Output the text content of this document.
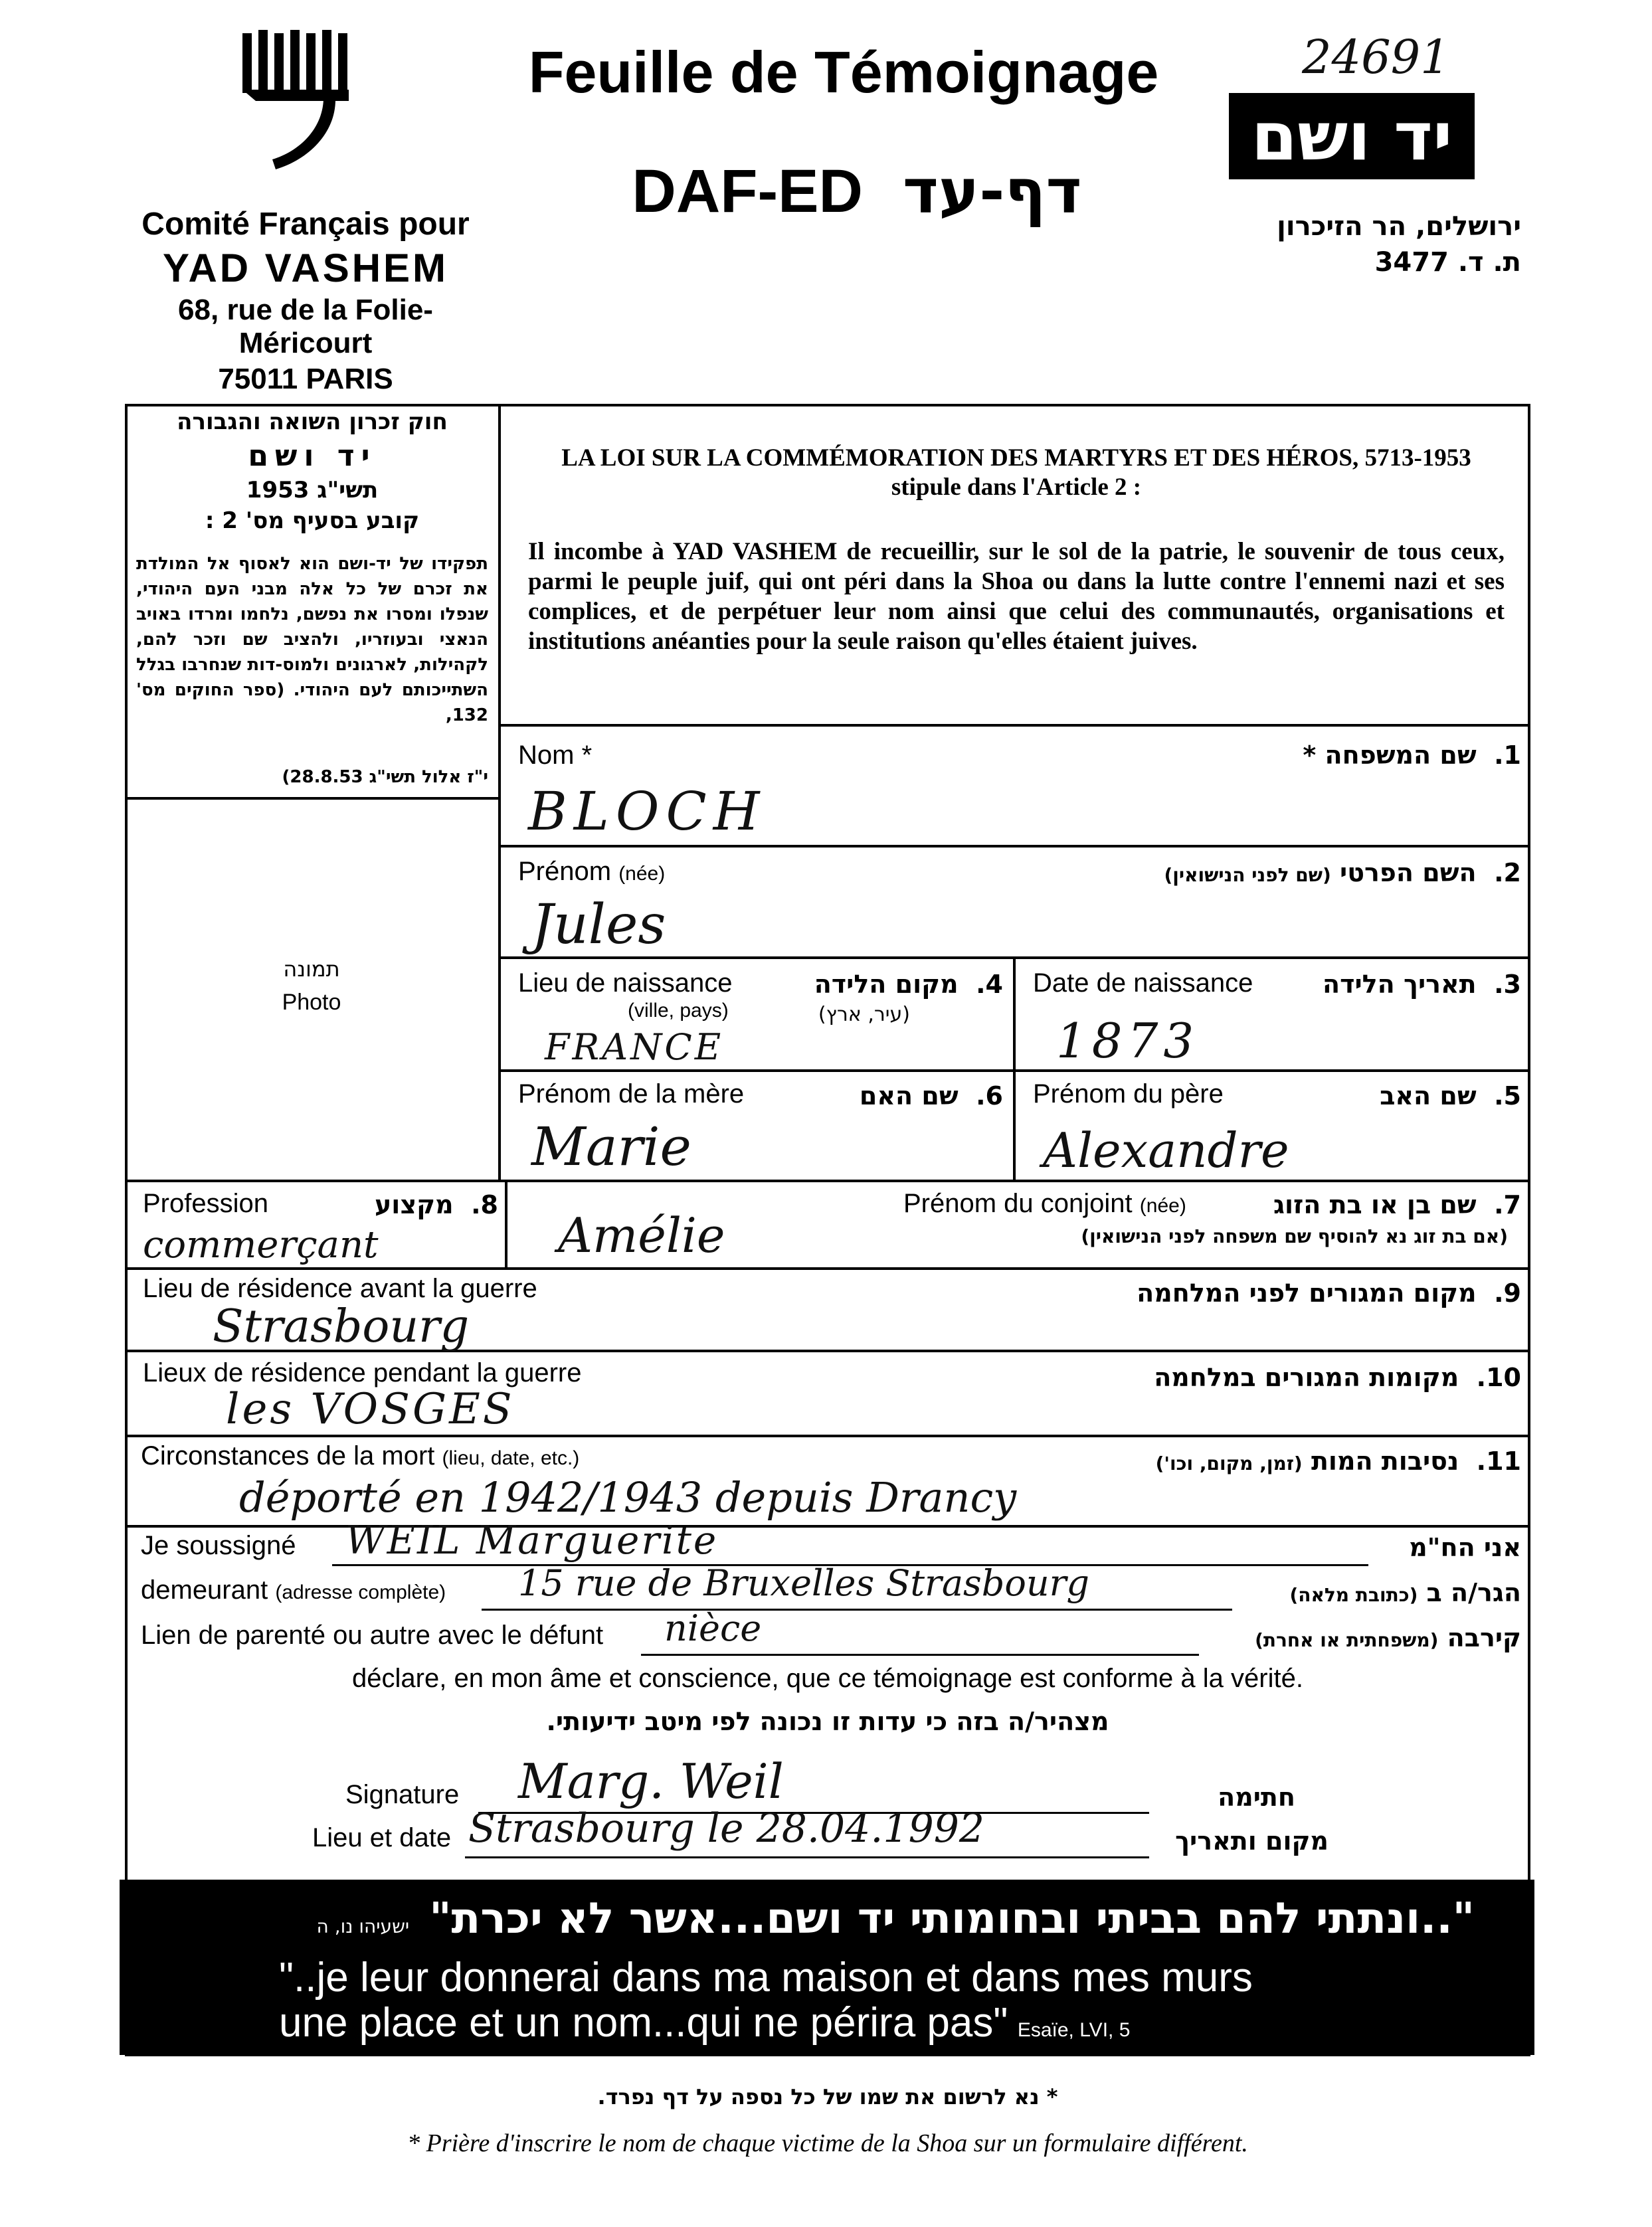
Comité Français pour
YAD VASHEM
68, rue de la Folie-Méricourt
75011 PARIS
Feuille de Témoignage
DAF-ED דף-עד
24691
יד ושם
ירושלים, הר הזיכרון
ת. ד. 3477
חוק זכרון השואה והגבורה
יד ושם
תשי"ג 1953
קובע בסעיף מס' 2 :
תפקידו של יד-ושם הוא לאסוף אל המולדת את זכרם של כל אלה מבני העם היהודי, שנפלו ומסרו את נפשם, נלחמו ומרדו באויב הנאצי ובעוזריו, ולהציב שם וזכר להם, לקהילות, לארגונים ולמוס-דות שנחרבו בגלל השתייכותם לעם היהודי. (ספר החוקים מס' 132,
י"ז אלול תשי"ג 28.8.53)
LA LOI SUR LA COMMÉMORATION DES MARTYRS ET DES HÉROS, 5713-1953
stipule dans l'Article 2 :
Il incombe à YAD VASHEM de recueillir, sur le sol de la patrie, le souvenir de tous ceux, parmi le peuple juif, qui ont péri dans la Shoa ou dans la lutte contre l'ennemi nazi et ses complices, et de perpétuer leur nom ainsi que celui des communautés, organisations et institutions anéanties pour la seule raison qu'elles étaient juives.
תמונה
Photo
Nom *	1.  שם המשפחה *
BLOCH
Prénom (née)	2.  השם הפרטי (שם לפני הנישואין)
Jules
Lieu de naissance
(ville, pays)
4.  מקום הלידה
(עיר, ארץ)
FRANCE
Date de naissance	3.  תאריך הלידה
1873
Prénom de la mère	6.  שם האם
Marie
Prénom du père	5.  שם האב
Alexandre
Profession	8.  מקצוע
commerçant
Prénom du conjoint (née)	7.  שם בן או בת הזוג
(אם בת זוג נא להוסיף שם משפחה לפני הנישואין)
Amélie
Lieu de résidence avant la guerre	9.  מקום המגורים לפני המלחמה
Strasbourg
Lieux de résidence pendant la guerre	10.  מקומות המגורים במלחמה
les VOSGES
Circonstances de la mort (lieu, date, etc.)	11.  נסיבות המות (זמן, מקום, וכו')
déporté en 1942/1943 depuis Drancy
Je soussigné WEIL Marguerite	אני הח"מ
demeurant (adresse complète) 15 rue de Bruxelles Strasbourg	הגר/ה ב (כתובת מלאה)
Lien de parenté ou autre avec le défunt nièce	קירבה (משפחתית או אחרת)
déclare, en mon âme et conscience, que ce témoignage est conforme à la vérité.
מצהיר/ה בזה כי עדות זו נכונה לפי מיטב ידיעותי.
Signature Marg. Weil	חתימה
Lieu et date Strasbourg le 28.04.1992	מקום ותאריך
ישעיהו נו, ה "..ונתתי להם בביתי ובחומותי יד ושם...אשר לא יכרת"
"..je leur donnerai dans ma maison et dans mes murs
une place et un nom...qui ne périra pas" Esaïe, LVI, 5
* נא לרשום את שמו של כל נספה על דף נפרד.
* Prière d'inscrire le nom de chaque victime de la Shoa sur un formulaire différent.
